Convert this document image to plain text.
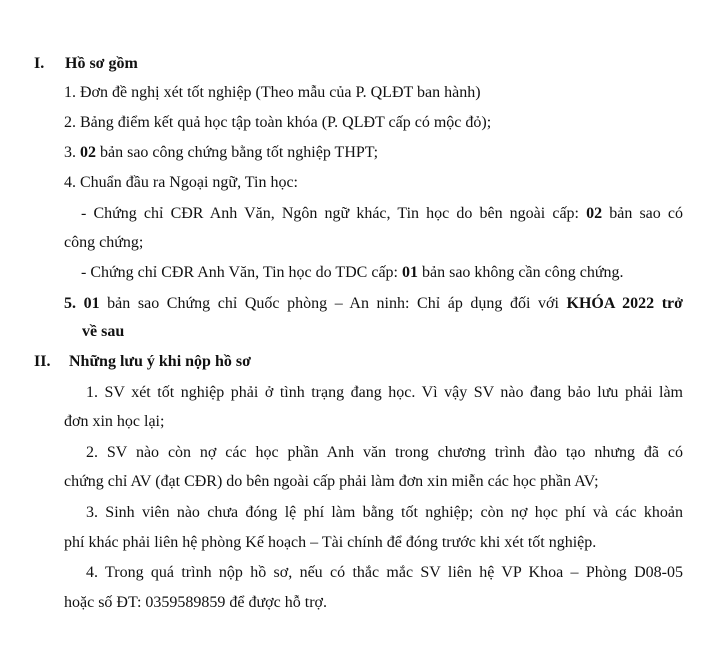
I. Hồ sơ gồm
1. Đơn đề nghị xét tốt nghiệp (Theo mẫu của P. QLĐT ban hành)
2. Bảng điểm kết quả học tập toàn khóa (P. QLĐT cấp có mộc đỏ);
3. 02 bản sao công chứng bằng tốt nghiệp THPT;
4. Chuẩn đầu ra Ngoại ngữ, Tin học:
- Chứng chỉ CĐR Anh Văn, Ngôn ngữ khác, Tin học do bên ngoài cấp: 02 bản sao có
công chứng;
- Chứng chỉ CĐR Anh Văn, Tin học do TDC cấp: 01 bản sao không cần công chứng.
5. 01 bản sao Chứng chỉ Quốc phòng – An ninh: Chỉ áp dụng đối với KHÓA 2022 trở
về sau
II. Những lưu ý khi nộp hồ sơ
1. SV xét tốt nghiệp phải ở tình trạng đang học. Vì vậy SV nào đang bảo lưu phải làm
đơn xin học lại;
2. SV nào còn nợ các học phần Anh văn trong chương trình đào tạo nhưng đã có
chứng chỉ AV (đạt CĐR) do bên ngoài cấp phải làm đơn xin miễn các học phần AV;
3. Sinh viên nào chưa đóng lệ phí làm bằng tốt nghiệp; còn nợ học phí và các khoản
phí khác phải liên hệ phòng Kế hoạch – Tài chính để đóng trước khi xét tốt nghiệp.
4. Trong quá trình nộp hồ sơ, nếu có thắc mắc SV liên hệ VP Khoa – Phòng D08-05
hoặc số ĐT: 0359589859 để được hỗ trợ.
